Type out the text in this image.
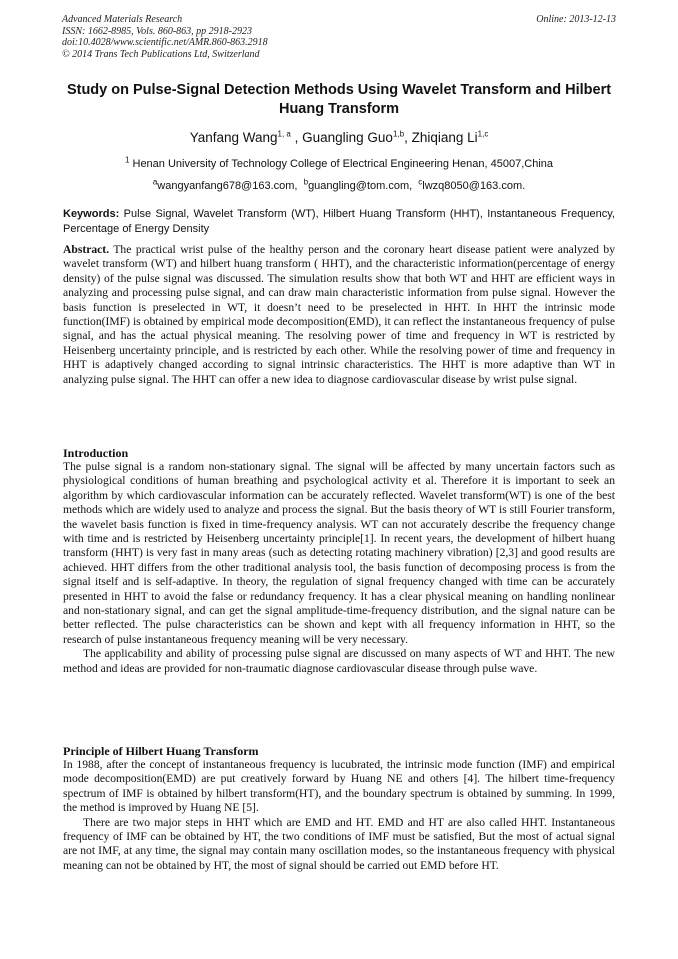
Advanced Materials Research
ISSN: 1662-8985, Vols. 860-863, pp 2918-2923
doi:10.4028/www.scientific.net/AMR.860-863.2918
© 2014 Trans Tech Publications Ltd, Switzerland
Online: 2013-12-13
Study on Pulse-Signal Detection Methods Using Wavelet Transform and Hilbert Huang Transform
Yanfang Wang$^{1, a}$ , Guangling Guo$^{1,b}$, Zhiqiang Li$^{1,c}$
$^1$ Henan University of Technology College of Electrical Engineering Henan, 45007,China
$^a$wangyanfang678@163.com, $^b$guangling@tom.com, $^c$lwzq8050@163.com.
Keywords: Pulse Signal, Wavelet Transform (WT), Hilbert Huang Transform (HHT), Instantaneous Frequency, Percentage of Energy Density
Abstract. The practical wrist pulse of the healthy person and the coronary heart disease patient were analyzed by wavelet transform (WT) and hilbert huang transform ( HHT), and the characteristic information(percentage of energy density) of the pulse signal was discussed. The simulation results show that both WT and HHT are efficient ways in analyzing and processing pulse signal, and can draw main characteristic information from pulse signal. However the basis function is preselected in WT, it doesn’t need to be preselected in HHT. In HHT the intrinsic mode function(IMF) is obtained by empirical mode decomposition(EMD), it can reflect the instantaneous frequency of pulse signal, and has the actual physical meaning. The resolving power of time and frequency in WT is restricted by Heisenberg uncertainty principle, and is restricted by each other. While the resolving power of time and frequency in HHT is adaptively changed according to signal intrinsic characteristics. The HHT is more adaptive than WT in analyzing pulse signal. The HHT can offer a new idea to diagnose cardiovascular disease by wrist pulse signal.
Introduction

The pulse signal is a random non-stationary signal. The signal will be affected by many uncertain factors such as physiological conditions of human breathing and psychological activity et al. Therefore it is important to seek an algorithm by which cardiovascular information can be accurately reflected. Wavelet transform(WT) is one of the best methods which are widely used to analyze and process the signal. But the basis theory of WT is still Fourier transform, the wavelet basis function is fixed in time-frequency analysis. WT can not accurately describe the frequency change with time and is restricted by Heisenberg uncertainty principle[1]. In recent years, the development of hilbert huang transform (HHT) is very fast in many areas (such as detecting rotating machinery vibration) [2,3] and good results are achieved. HHT differs from the other traditional analysis tool, the basis function of decomposing process is from the signal itself and is self-adaptive. In theory, the regulation of signal frequency changed with time can be accurately presented in HHT to avoid the false or redundancy frequency. It has a clear physical meaning on handling nonlinear and non-stationary signal, and can get the signal amplitude-time-frequency distribution, and the signal nature can be better reflected. The pulse characteristics can be shown and kept with all frequency information in HHT, so the research of pulse instantaneous frequency meaning will be very necessary.

The applicability and ability of processing pulse signal are discussed on many aspects of WT and HHT. The new method and ideas are provided for non-traumatic diagnose cardiovascular disease through pulse wave.

Principle of Hilbert Huang Transform

In 1988, after the concept of instantaneous frequency is lucubrated, the intrinsic mode function (IMF) and empirical mode decomposition(EMD) are put creatively forward by Huang NE and others [4]. The hilbert time-frequency spectrum of IMF is obtained by hilbert transform(HT), and the boundary spectrum is obtained by summing. In 1999, the method is improved by Huang NE [5].

There are two major steps in HHT which are EMD and HT. EMD and HT are also called HHT. Instantaneous frequency of IMF can be obtained by HT, the two conditions of IMF must be satisfied, But the most of actual signal are not IMF, at any time, the signal may contain many oscillation modes, so the instantaneous frequency with physical meaning can not be obtained by HT, the most of signal should be carried out EMD before HT.
